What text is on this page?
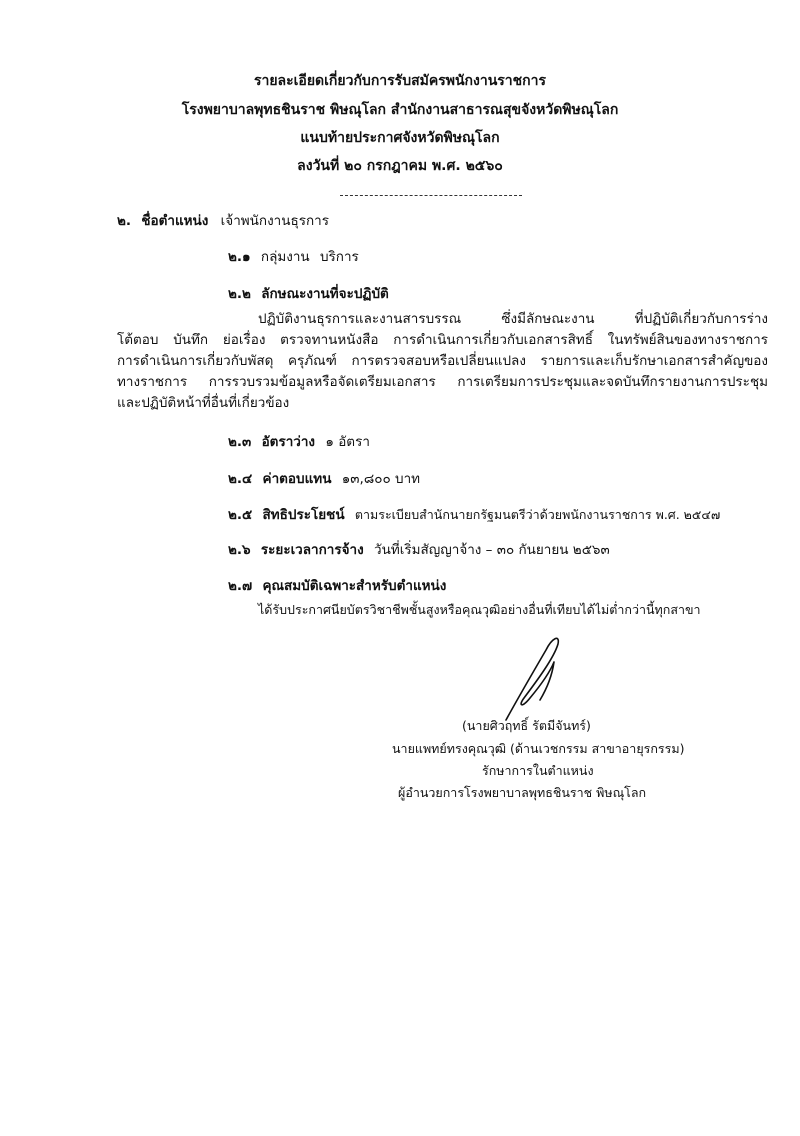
รายละเอียดเกี่ยวกับการรับสมัครพนักงานราชการ
โรงพยาบาลพุทธชินราช พิษณุโลก สำนักงานสาธารณสุขจังหวัดพิษณุโลก
แนบท้ายประกาศจังหวัดพิษณุโลก
ลงวันที่ ๒๐ กรกฎาคม พ.ศ. ๒๕๖๐
๒. ชื่อตำแหน่ง เจ้าพนักงานธุรการ
๒.๑ กลุ่มงาน บริการ
๒.๒ ลักษณะงานที่จะปฏิบัติ
ปฏิบัติงานธุรการและงานสารบรรณ ซึ่งมีลักษณะงาน ที่ปฏิบัติเกี่ยวกับการร่าง
โต้ตอบ บันทึก ย่อเรื่อง ตรวจทานหนังสือ การดำเนินการเกี่ยวกับเอกสารสิทธิ์ ในทรัพย์สินของทางราชการ
การดำเนินการเกี่ยวกับพัสดุ ครุภัณฑ์ การตรวจสอบหรือเปลี่ยนแปลง รายการและเก็บรักษาเอกสารสำคัญของ
ทางราชการ การรวบรวมข้อมูลหรือจัดเตรียมเอกสาร การเตรียมการประชุมและจดบันทึกรายงานการประชุม
และปฏิบัติหน้าที่อื่นที่เกี่ยวข้อง
๒.๓ อัตราว่าง ๑ อัตรา
๒.๔ ค่าตอบแทน ๑๓,๘๐๐ บาท
๒.๕ สิทธิประโยชน์ ตามระเบียบสำนักนายกรัฐมนตรีว่าด้วยพนักงานราชการ พ.ศ. ๒๕๔๗
๒.๖ ระยะเวลาการจ้าง วันที่เริ่มสัญญาจ้าง – ๓๐ กันยายน ๒๕๖๓
๒.๗ คุณสมบัติเฉพาะสำหรับตำแหน่ง
ได้รับประกาศนียบัตรวิชาชีพชั้นสูงหรือคุณวุฒิอย่างอื่นที่เทียบได้ไม่ต่ำกว่านี้ทุกสาขา
(นายศิวฤทธิ์ รัตมีจันทร์)
นายแพทย์ทรงคุณวุฒิ (ด้านเวชกรรม สาขาอายุรกรรม)
รักษาการในตำแหน่ง
ผู้อำนวยการโรงพยาบาลพุทธชินราช พิษณุโลก
